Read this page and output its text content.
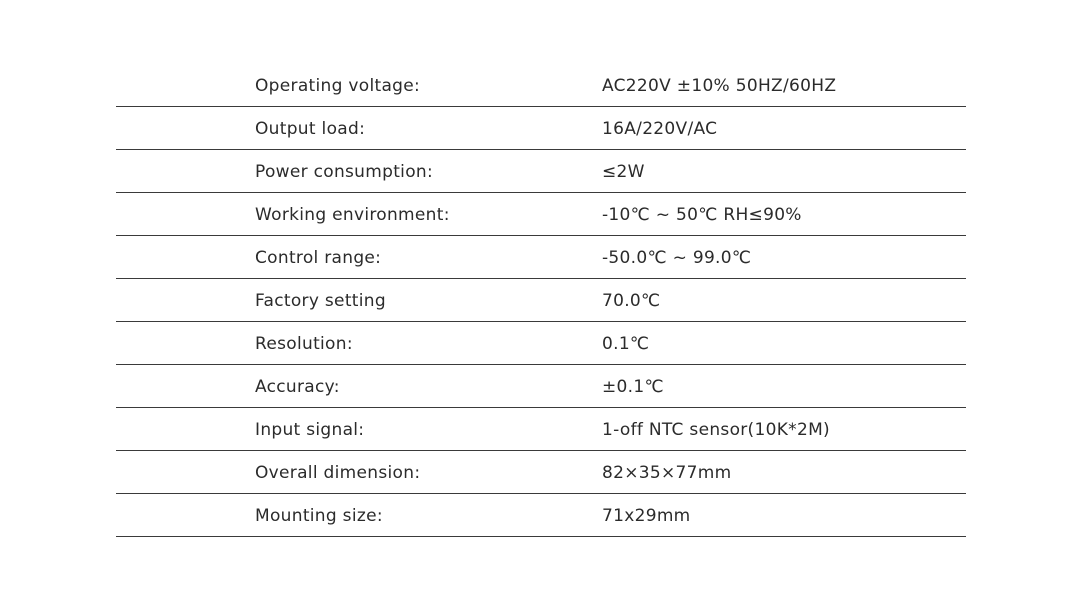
Operating voltage:	AC220V ±10% 50HZ/60HZ
Output load:	16A/220V/AC
Power consumption:	≤2W
Working environment:	-10℃ ~ 50℃ RH≤90%
Control range:	-50.0℃ ~ 99.0℃
Factory setting	70.0℃
Resolution:	0.1℃
Accuracy:	±0.1℃
Input signal:	1-off NTC sensor(10K*2M)
Overall dimension:	82×35×77mm
Mounting size:	71x29mm
